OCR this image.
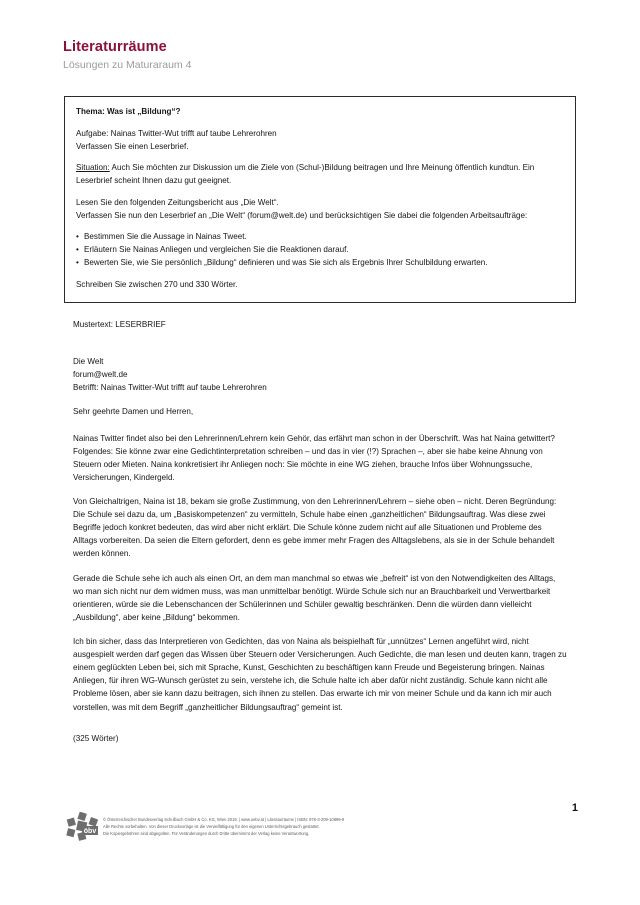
Literaturräume
Lösungen zu Maturaraum 4

Thema: Was ist „Bildung“?

Aufgabe: Nainas Twitter-Wut trifft auf taube Lehrerohren

Verfassen Sie einen Leserbrief.

Situation: Auch Sie möchten zur Diskussion um die Ziele von (Schul-)Bildung beitragen und Ihre Meinung öffentlich kundtun. Ein Leserbrief scheint Ihnen dazu gut geeignet.

Lesen Sie den folgenden Zeitungsbericht aus „Die Welt“.

Verfassen Sie nun den Leserbrief an „Die Welt“ (forum@welt.de) und berücksichtigen Sie dabei die folgenden Arbeitsaufträge:

• Bestimmen Sie die Aussage in Nainas Tweet.
• Erläutern Sie Nainas Anliegen und vergleichen Sie die Reaktionen darauf.
• Bewerten Sie, wie Sie persönlich „Bildung“ definieren und was Sie sich als Ergebnis Ihrer Schulbildung erwarten.

Schreiben Sie zwischen 270 und 330 Wörter.

Mustertext: LESERBRIEF

Die Welt

forum@welt.de

Betrifft: Nainas Twitter-Wut trifft auf taube Lehrerohren

Sehr geehrte Damen und Herren,

Nainas Twitter findet also bei den Lehrerinnen/Lehrern kein Gehör, das erfährt man schon in der Überschrift. Was hat Naina getwittert? Folgendes: Sie könne zwar eine Gedichtinterpretation schreiben – und das in vier (!?) Sprachen –, aber sie habe keine Ahnung von Steuern oder Mieten. Naina konkretisiert ihr Anliegen noch: Sie möchte in eine WG ziehen, brauche Infos über Wohnungssuche, Versicherungen, Kindergeld.

Von Gleichaltrigen, Naina ist 18, bekam sie große Zustimmung, von den Lehrerinnen/Lehrern – siehe oben – nicht. Deren Begründung: Die Schule sei dazu da, um „Basiskompetenzen“ zu vermitteln, Schule habe einen „ganzheitlichen“ Bildungsauftrag. Was diese zwei Begriffe jedoch konkret bedeuten, das wird aber nicht erklärt. Die Schule könne zudem nicht auf alle Situationen und Probleme des Alltags vorbereiten. Da seien die Eltern gefordert, denn es gebe immer mehr Fragen des Alltagslebens, als sie in der Schule behandelt werden können.

Gerade die Schule sehe ich auch als einen Ort, an dem man manchmal so etwas wie „befreit“ ist von den Notwendigkeiten des Alltags, wo man sich nicht nur dem widmen muss, was man unmittelbar benötigt. Würde Schule sich nur an Brauchbarkeit und Verwertbarkeit orientieren, würde sie die Lebenschancen der Schülerinnen und Schüler gewaltig beschränken. Denn die würden dann vielleicht „Ausbildung“, aber keine „Bildung“ bekommen.

Ich bin sicher, dass das Interpretieren von Gedichten, das von Naina als beispielhaft für „unnützes“ Lernen angeführt wird, nicht ausgespielt werden darf gegen das Wissen über Steuern oder Versicherungen. Auch Gedichte, die man lesen und deuten kann, tragen zu einem geglückten Leben bei, sich mit Sprache, Kunst, Geschichten zu beschäftigen kann Freude und Begeisterung bringen. Nainas Anliegen, für ihren WG-Wunsch gerüstet zu sein, verstehe ich, die Schule halte ich aber dafür nicht zuständig. Schule kann nicht alle Probleme lösen, aber sie kann dazu beitragen, sich ihnen zu stellen. Das erwarte ich mir von meiner Schule und da kann ich mir auch vorstellen, was mit dem Begriff „ganzheitlicher Bildungsauftrag“ gemeint ist.

(325 Wörter)

1
öbv
© Österreichischer Bundesverlag Schulbuch GmbH & Co. KG, Wien 2019. | www.oebv.at | Literaturräume | ISBN: 978-3-209-10899-9
Alle Rechte vorbehalten. Von dieser Druckvorlage ist die Vervielfältigung für den eigenen Unterrichtsgebrauch gestattet.
Die Kopiergebühren sind abgegolten. Für Veränderungen durch Dritte übernimmt der Verlag keine Verantwortung.
